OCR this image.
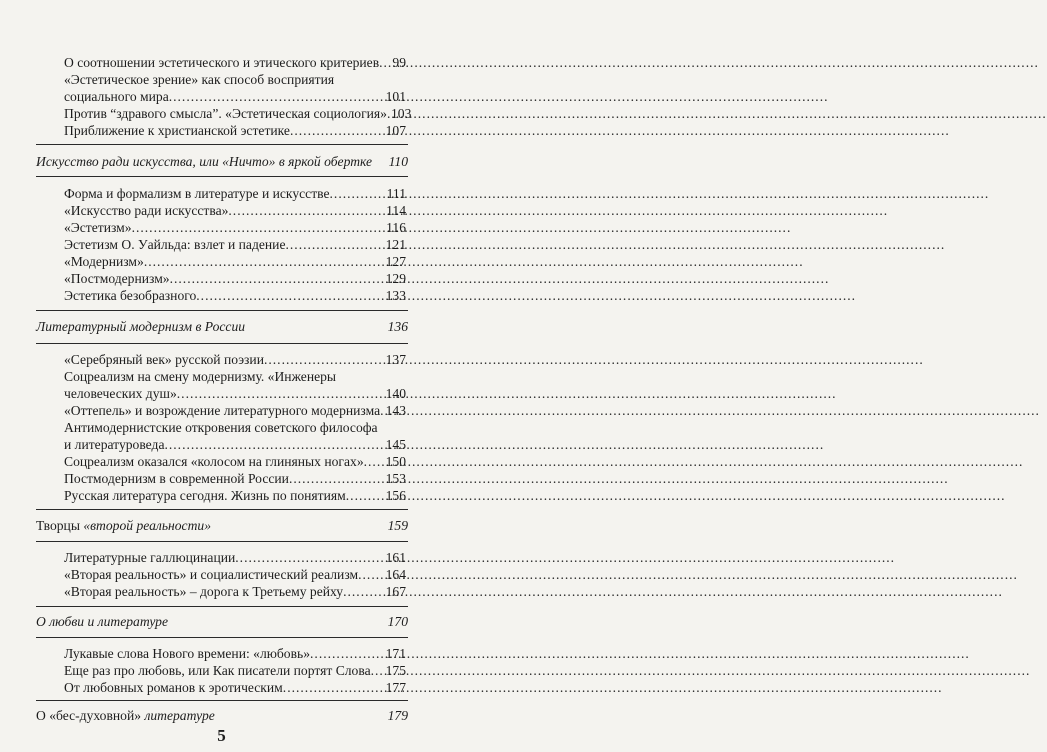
О соотношении эстетического и этического критериев ..... 99
«Эстетическое зрение» как способ восприятия
социального мира .....	101
Против “здравого смысла”. «Эстетическая социология» ..... 103
Приближение к христианской эстетике .....	107
Искусство ради искусства, или «Ничто» в яркой обертке	110
Форма и формализм в литературе и искусстве .....	111
«Искусство ради искусства» .....	114
«Эстетизм» .....	116
Эстетизм О. Уайльда: взлет и падение .....	121
«Модернизм» .....	127
«Постмодернизм» .....	129
Эстетика безобразного .....	133
Литературный модернизм в России	136
«Серебряный век» русской поэзии .....	137
Соцреализм на смену модернизму. «Инженеры
человеческих душ» .....	140
«Оттепель» и возрождение литературного модернизма ..... 143
Антимодернистские откровения советского философа
и литературоведа .....	145
Соцреализм оказался «колосом на глиняных ногах» ..... 150
Постмодернизм в современной России .....	153
Русская литература сегодня. Жизнь по понятиям .....	156
Творцы «второй реальности»	159
Литературные галлюцинации .....	161
«Вторая реальность» и социалистический реализм ..... 164
«Вторая реальность» – дорога к Третьему рейху .....	167
О любви и литературе	170
Лукавые слова Нового времени: «любовь» .....	171
Еще раз про любовь, или Как писатели портят Слова ..... 175
От любовных романов к эротическим .....	177
О «бес-духовной» литературе	179
5
